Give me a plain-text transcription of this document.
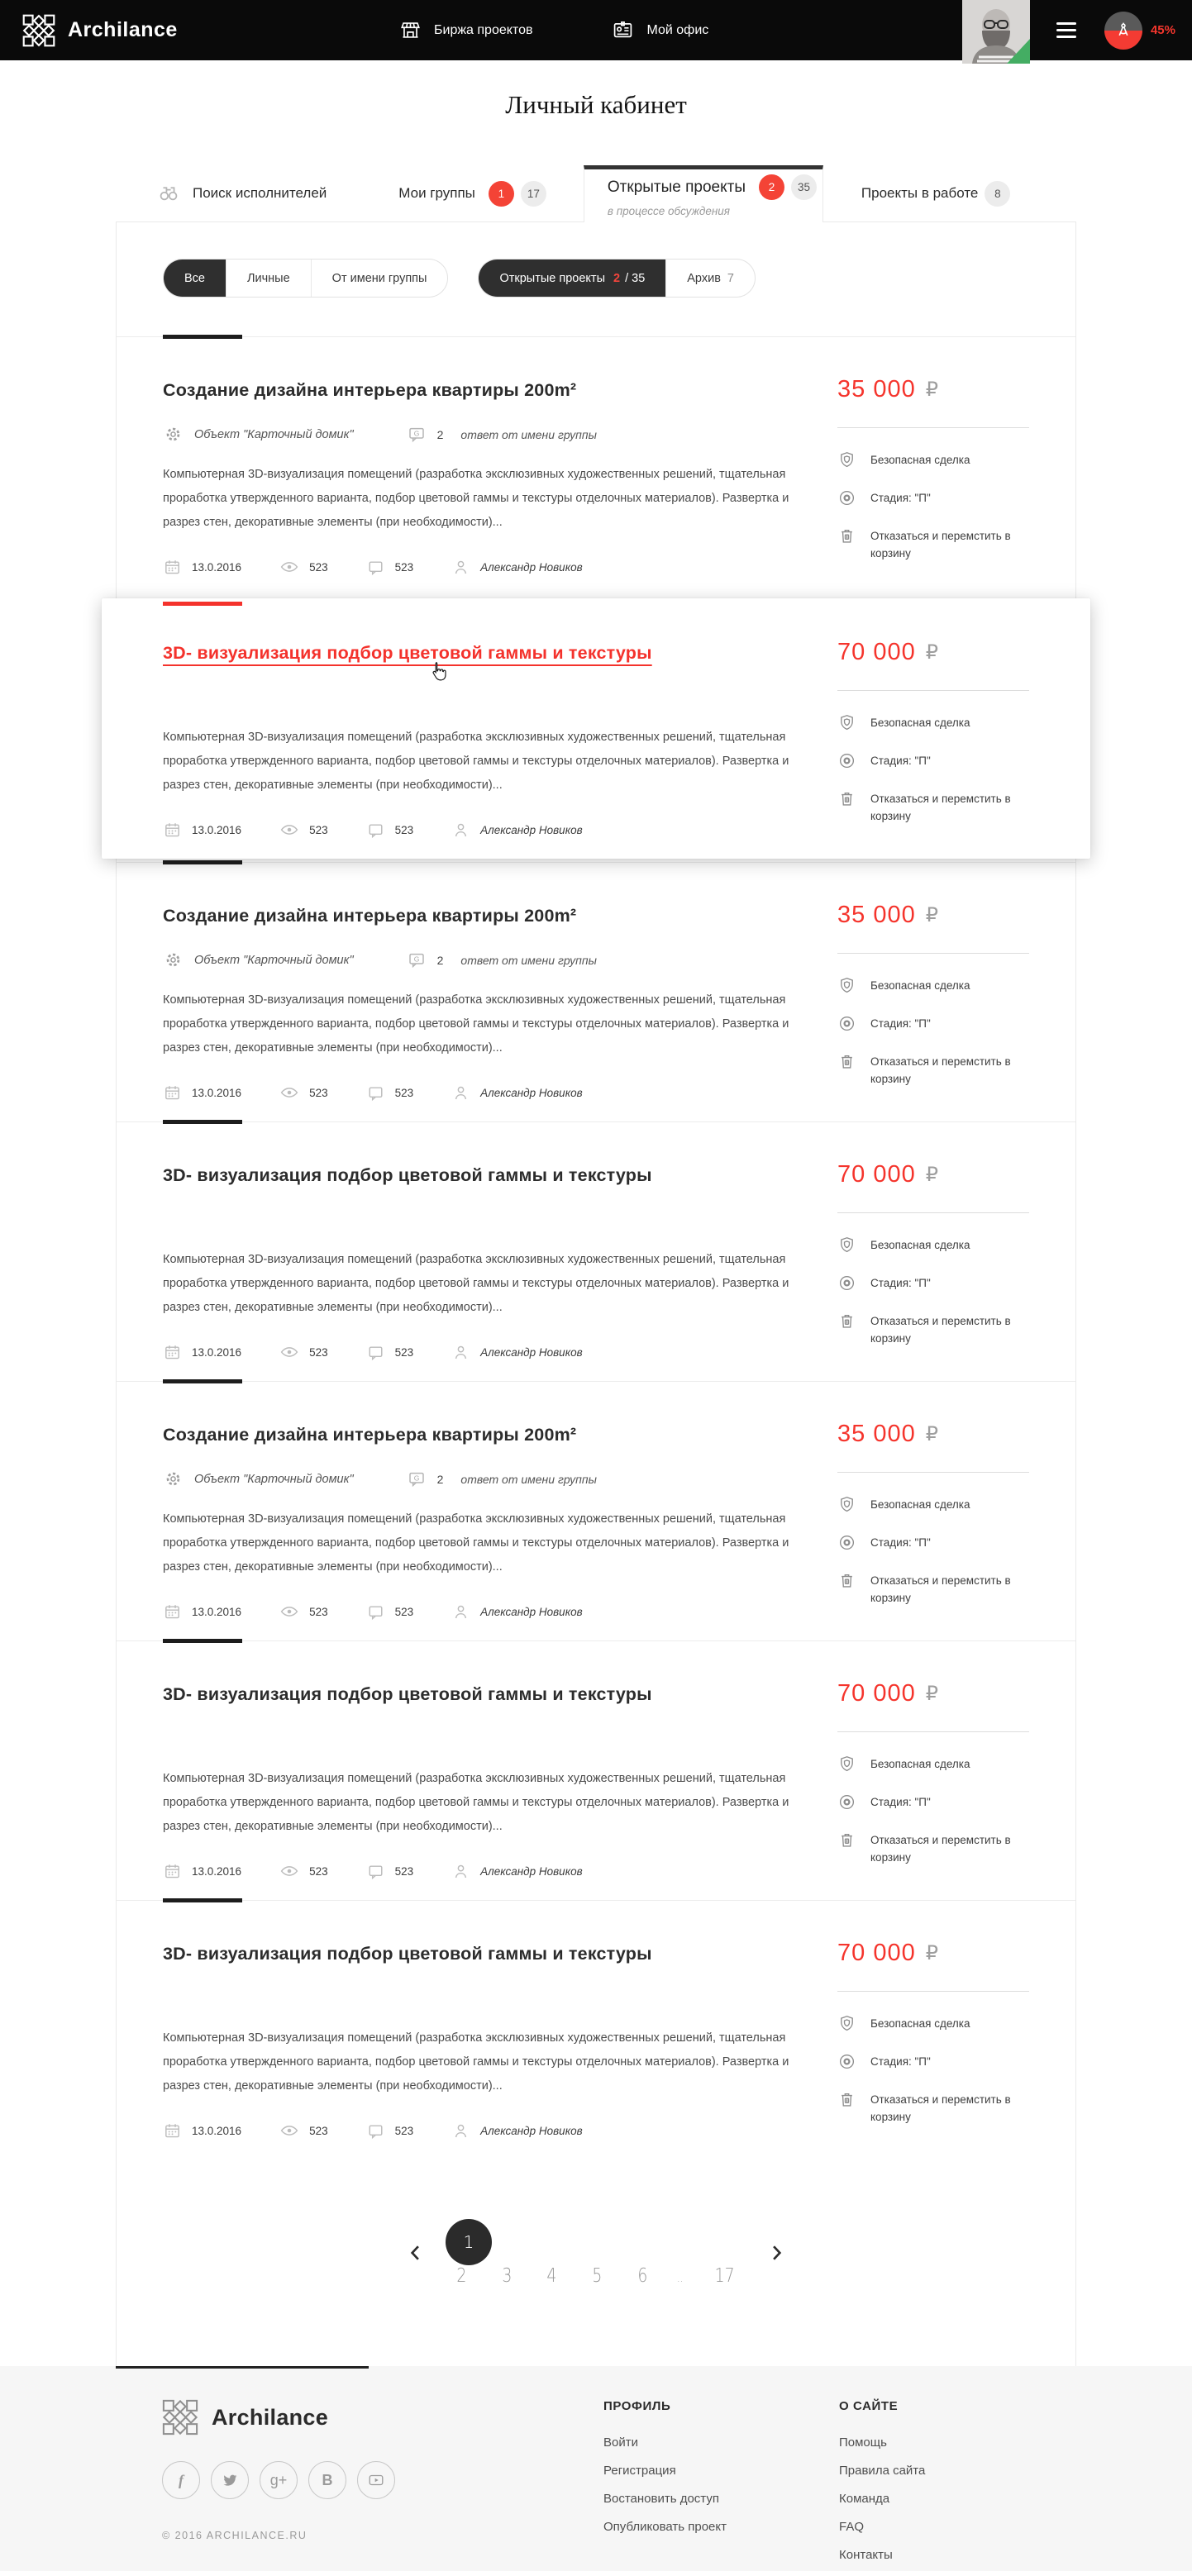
Archilance	Биржа проектов	Мой офис	45%
Личный кабинет
Поиск исполнителей	Мои группы	1	17	Открытые проекты	2	35
в процессе обсуждения
Проекты в работе	8
Все	Личные	От имени группы	Открытые проекты 2 / 35	Архив 7
Создание дизайна интерьера квартиры 200m²
Объект "Карточный домик"	G 2 ответ от имени группы

Компьютерная 3D-визуализация помещений (разработка эксклюзивных художественных решений, тщательная проработка утвержденного варианта, подбор цветовой гаммы и текстуры отделочных материалов). Развертка и разрез стен, декоративные элементы (при необходимости)...

13.0.2016	523	523	Александр Новиков
35 000 ₽
Безопасная сделка
Стадия: "П"
Отказаться и перемстить в корзину
3D- визуализация подбор цветовой гаммы и текстуры

Компьютерная 3D-визуализация помещений (разработка эксклюзивных художественных решений, тщательная проработка утвержденного варианта, подбор цветовой гаммы и текстуры отделочных материалов). Развертка и разрез стен, декоративные элементы (при необходимости)...

13.0.2016	523	523	Александр Новиков
70 000 ₽
Безопасная сделка
Стадия: "П"
Отказаться и перемстить в корзину
Создание дизайна интерьера квартиры 200m²
Объект "Карточный домик"	G 2 ответ от имени группы

Компьютерная 3D-визуализация помещений (разработка эксклюзивных художественных решений, тщательная проработка утвержденного варианта, подбор цветовой гаммы и текстуры отделочных материалов). Развертка и разрез стен, декоративные элементы (при необходимости)...

13.0.2016	523	523	Александр Новиков
35 000 ₽
Безопасная сделка
Стадия: "П"
Отказаться и перемстить в корзину
3D- визуализация подбор цветовой гаммы и текстуры

Компьютерная 3D-визуализация помещений (разработка эксклюзивных художественных решений, тщательная проработка утвержденного варианта, подбор цветовой гаммы и текстуры отделочных материалов). Развертка и разрез стен, декоративные элементы (при необходимости)...

13.0.2016	523	523	Александр Новиков
70 000 ₽
Безопасная сделка
Стадия: "П"
Отказаться и перемстить в корзину
Создание дизайна интерьера квартиры 200m²
Объект "Карточный домик"	G 2 ответ от имени группы

Компьютерная 3D-визуализация помещений (разработка эксклюзивных художественных решений, тщательная проработка утвержденного варианта, подбор цветовой гаммы и текстуры отделочных материалов). Развертка и разрез стен, декоративные элементы (при необходимости)...

13.0.2016	523	523	Александр Новиков
35 000 ₽
Безопасная сделка
Стадия: "П"
Отказаться и перемстить в корзину
3D- визуализация подбор цветовой гаммы и текстуры

Компьютерная 3D-визуализация помещений (разработка эксклюзивных художественных решений, тщательная проработка утвержденного варианта, подбор цветовой гаммы и текстуры отделочных материалов). Развертка и разрез стен, декоративные элементы (при необходимости)...

13.0.2016	523	523	Александр Новиков
70 000 ₽
Безопасная сделка
Стадия: "П"
Отказаться и перемстить в корзину
3D- визуализация подбор цветовой гаммы и текстуры

Компьютерная 3D-визуализация помещений (разработка эксклюзивных художественных решений, тщательная проработка утвержденного варианта, подбор цветовой гаммы и текстуры отделочных материалов). Развертка и разрез стен, декоративные элементы (при необходимости)...

13.0.2016	523	523	Александр Новиков
70 000 ₽
Безопасная сделка
Стадия: "П"
Отказаться и перемстить в корзину
1
2 3 4 5 6 .. 17
Archilance
f	g+	B
© 2016 ARCHILANCE.RU
ПРОФИЛЬ
Войти
Регистрация
Востановить доступ
Опубликовать проект
О САЙТЕ
Помощь
Правила сайта
Команда
FAQ
Контакты
